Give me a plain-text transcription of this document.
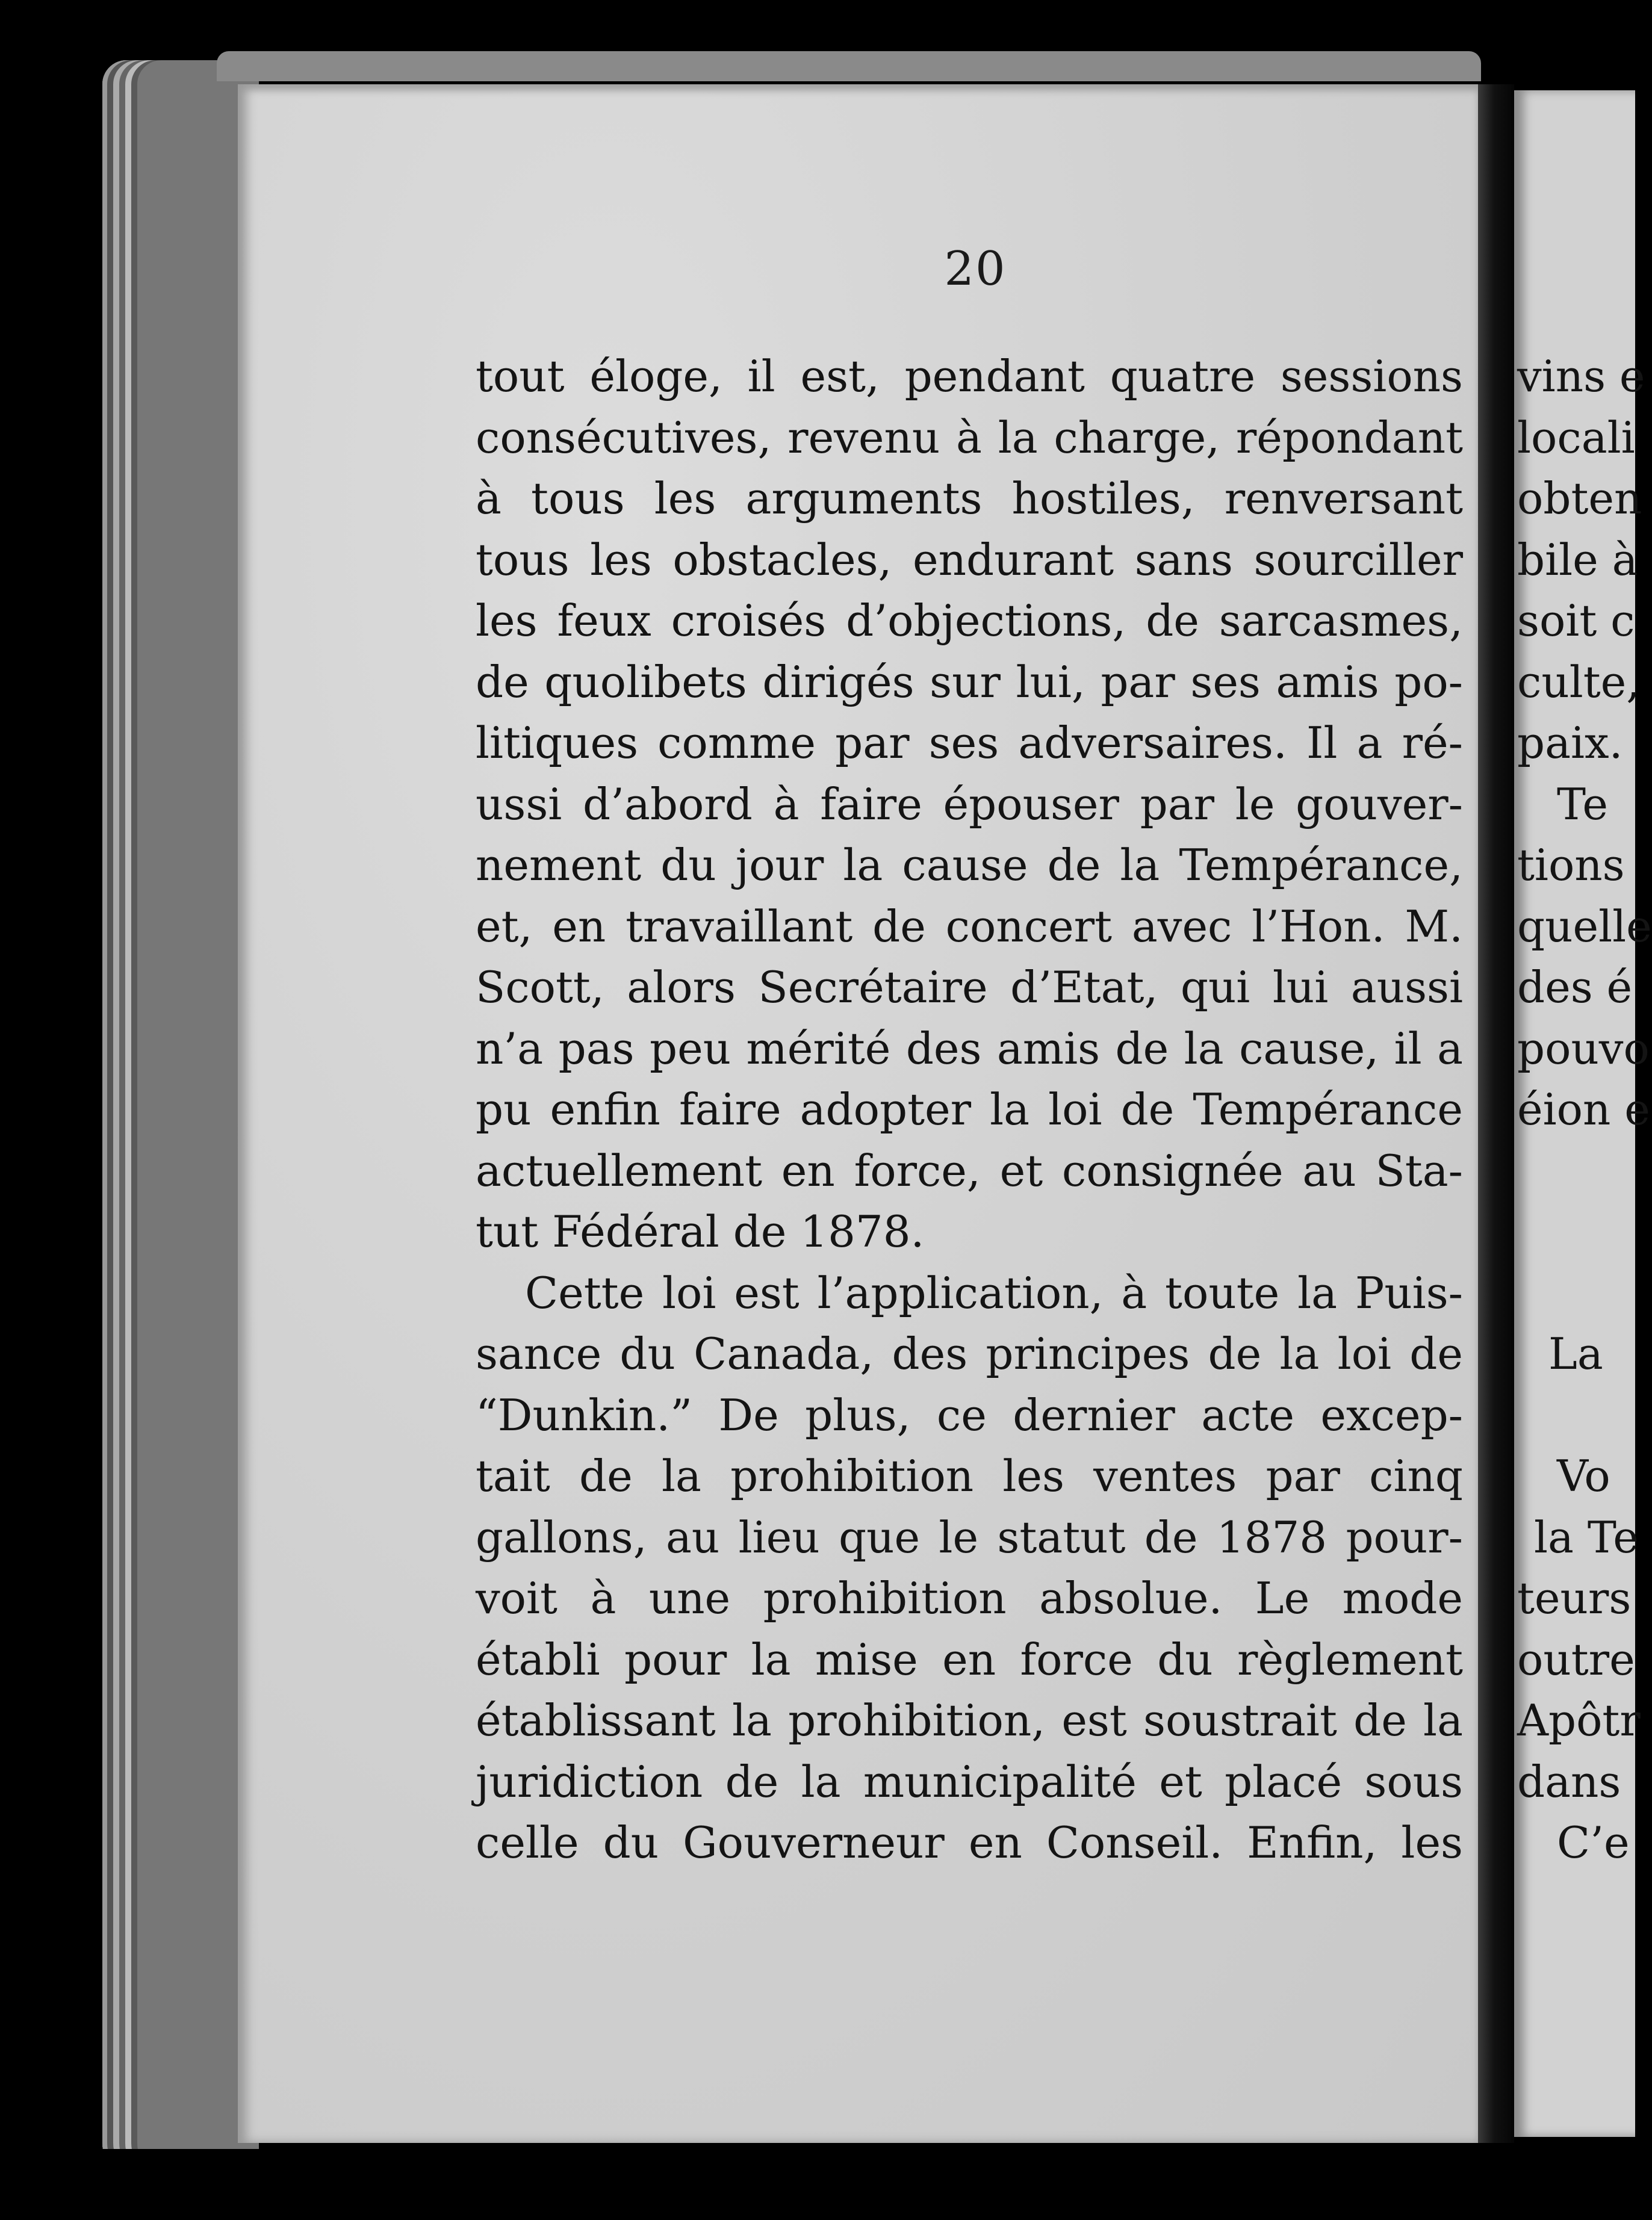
20
tout éloge, il est, pendant quatre sessions
consécutives, revenu à la charge, répondant
à tous les arguments hostiles, renversant
tous les obstacles, endurant sans sourciller
les feux croisés d’objections, de sarcasmes,
de quolibets dirigés sur lui, par ses amis po-
litiques comme par ses adversaires. Il a ré-
ussi d’abord à faire épouser par le gouver-
nement du jour la cause de la Tempérance,
et, en travaillant de concert avec l’Hon. M.
Scott, alors Secrétaire d’Etat, qui lui aussi
n’a pas peu mérité des amis de la cause, il a
pu enfin faire adopter la loi de Tempérance
actuellement en force, et consignée au Sta-
tut Fédéral de 1878.
Cette loi est l’application, à toute la Puis-
sance du Canada, des principes de la loi de
“Dunkin.” De plus, ce dernier acte excep-
tait de la prohibition les ventes par cinq
gallons, au lieu que le statut de 1878 pour-
voit à une prohibition absolue. Le mode
établi pour la mise en force du règlement
établissant la prohibition, est soustrait de la
juridiction de la municipalité et placé sous
celle du Gouverneur en Conseil. Enfin, les
vins e
locali
obten
bile à
soit c
culte,
paix.
Te
tions
quelle
des é
pouvo
éion e
La
Vo
la Te
teurs
outre
Apôtr
dans
C’e
